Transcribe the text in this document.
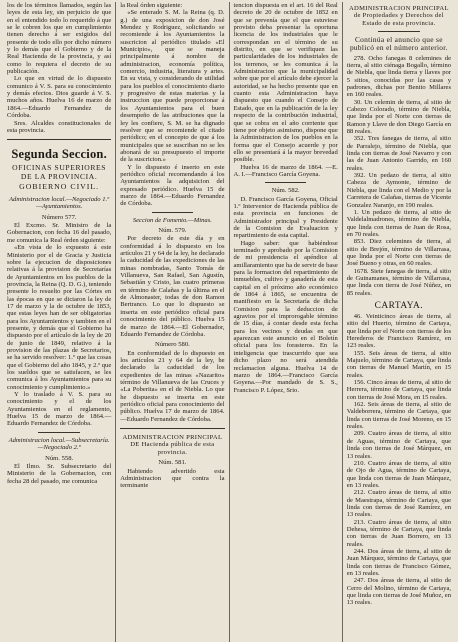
los de los términos llamados, según las leyes de esta ley, sin perjuicio de que en el entendido todo lo requerido á que se le cobren los que en cumplimiento tienen derecho á ser exigidos del presente de todo ello por dicho número y lo demás que el Gobierno y de la Real Hacienda de la provincia, y así como lo requiera el decreto de su publicación.

Lo que en virtud de lo dispuesto comunico á V. S. para su conocimiento y demás efectos. Dios guarde á V. S. muchos años. Huelva 16 de marzo de 1864.—Eduardo Fernandez de Córdoba.

Sres. Alcaldes constitucionales de esta provincia.

Segunda Seccion.
OFICINAS SUPERIORES DE LA PROVINCIA.
GOBIERNO CIVIL.
Administracion local.—Negociado 1.º—Ayuntamientos.
Número 577.

El Excmo. Sr. Ministro de la Gobernacion, con fecha 16 del pasado, me comunica la Real órden siguiente:

«En vista de lo expuesto á este Ministerio por el de Gracia y Justicia sobre la ejecucion de disposiciones relativas á la provision de Secretarías de Ayuntamientos en los pueblos de la provincia, la Reina (Q. D. G.), teniendo presente lo resuelto por las Córtes en las épocas en que se dictaron la ley de 17 de marzo y la de octubre de 1853, que estas leyes han de ser obligatorias para los Ayuntamientos y tambien en el presente, y demás que el Gobierno ha dispuesto por el artículo de la ley de 20 de junio de 1849, relativo á la provision de las plazas de Secretarios, se ha servido resolver: 1.º que las cosas que el Gobierno del año 1845, y 2.º que los sueldos que se satisfacen, se les comunica á los Ayuntamientos para su conocimiento y cumplimiento.»

Y lo traslado á V. S. para su conocimiento y el de los Ayuntamientos en el reglamento, Huelva 15 de marzo de 1864.—Eduardo Fernandez de Córdoba.

Administracion local.—Subsecretaría.—Negociado 2.º
Núm. 558.

El Ilmo. Sr. Subsecretario del Ministerio de la Gobernacion, con fecha 28 del pasado, me comunica

la Real órden siguiente:

«Se enterado S. M. la Reina (q. D. g.) de una exposicion de don José Mendez y Rodriguez, solicitando se recomiende á los Ayuntamientos la suscricion al periódico titulado «El Municipio», que se maneja principalmente á nombre de administracion, economía política, comercio, industria, literatura y artes. En su vista, y considerando de utilidad para los pueblos el conocimiento diario y progresivo de estas materias y la instruccion que puede proporcionar á los Ayuntamientos para el buen desempeño de las atribuciones que la ley les confiere, S. M. se ha dignado resolver que se recomiende el citado periódico; en el concepto de que á los municipales que se suscriban no se les abonará de su presupuesto el importe de la suscricion.»

Y lo dispuesto é inserto en este periódico oficial recomendando á los Ayuntamientos la adquisicion del expresado periódico. Huelva 15 de marzo de 1864.—Eduardo Fernandez de Córdoba.

Seccion de Fomento.—Minas.
Núm. 579.

Por decreto de este día y en conformidad á lo dispuesto en los artículos 21 y 64 de la ley, he declarado la caducidad de las expediciones de las minas nombradas, Santo Tomás de Villanueva, San Rafael, San Agustín, Sebastián y Cristo, las cuatro primeras en término de Calañas y la última en el de Almonaster, todas de don Ramon Bertranco. Lo que lo dispuesto se inserta en este periódico oficial para conocimiento del público. Huelva 15 de marzo de 1864.—El Gobernador, Eduardo Fernandez de Córdoba.

Número 580.

En conformidad de lo dispuesto en los artículos 21 y 64 de la ley, he declarado la caducidad de los expedientes de las minas «Nazarito» término de Villanueva de las Cruces y «La Poberita» en el de Niebla. Lo que he dispuesto se inserta en este periódico oficial para conocimiento del público. Huelva 17 de marzo de 1864.—Eduardo Fernandez de Córdoba.

ADMINISTRACION PRINCIPAL DE Hacienda pública de esta provincia.
Núm. 581.

Habiendo advertido esta Administracion que contra la terminante

tencion dispuesta en el art. 16 del Real decreto de 20 de octubre de 1852 en que se prevenía que el que estuviese provisto deba presentar la oportuna licencia de los industriales que le correspondan en el término de su distrito, en que se verifiquen las particularidades de los industriales de los terrenos, se les comunica á la Administracion que la municipalidad sobre que por el artículo debe ejercer la autoridad, se ha hecho presente que en cuanto esta Administracion haya dispuesto que cuando el Consejo de Estado, que en la publicación de la ley respecto de la contribución industrial, que se cobra en el año corriente que tiene por objeto asimismo, dispone que la Administracion de los pueblos en la forma que el Consejo acuerde y por ello se presentará á la mayor brevedad posible.

Huelva 16 de marzo de 1864. —E. A. I.—Francisco García Goyena.

Núm. 582.

D. Francisco García Goyena, Oficial 1.º Interventor de Hacienda pública de esta provincia en funciones de Administrador principal y Presidente de la Comision de Evaluacion y repartimiento de esta capital.

Hago saber: que habiéndose terminado y aprobado por la Comision de mi presidencia el apéndice al amillaramiento que ha de servir de base para la formacion del repartimiento de inmuebles, cultivo y ganadería de esta capital en el próximo año económico de 1864 á 1865, se encuentra de manifiesto en la Secretaría de dicha Comision para la deduccion de agravios por el improrogable término de 15 días, á contar desde esta fecha para los vecinos y deudas en que aparezcan este anuncio en el Boletín oficial para los forasteros. En la inteligencia que trascurrido que sea dicho plazo no será atendida reclamacion alguna. Huelva 14 de marzo de 1864.—Francisco García Goyena.—Por mandado de S. S., Francisco P. López, Srio.

ADMINISTRACION PRINCIPAL de Propiedades y Derechos del Estado de esta provincia.
Continúa el anuncio que se publicó en el número anterior.

278. Ocho fanegas 8 celemines de tierra, al sitio ciénaga Bogallo, término de Niebla, que linda tierra y llaves por 5 sitios, conocidas por las casas y padrones, dichas por Benito Millares en 160 reales.

30. Un celemin de tierra, al sitio de Cabezo Colorado, término de Niebla, que linda por el Norte con tierras de Ramon y Llave de don Diego García en 88 reales.

352. Tres fanegas de tierra, al sitio de Parralejo, término de Niebla, que linda con tierras de José Navarro y con las de Juan Antonio Garrido, en 160 reales.

392. Un pedazo de tierra, al sitio Cabeza de Aymonte, término de Niebla, que linda con el Medio y por la Carretera de Calañas, tierras de Vicente Gonzalez Naranjo, en 190 reales.

1. Un pedazo de tierra, al sitio de Valdelalmadrones, término de Niebla, que linda con tierras de Juan de Rosa, en 70 reales.

853. Diez celemines de tierra, al sitio de Brejón, término de Villarrasa, que linda por el Norte con tierras de José Bueno y otras, en 60 reales.

1678. Siete fanegas de tierra, al sitio de Guinamanes, término de Villarrasa, que linda con tierra de José Núñez, en 85 reales.

CARTAYA.

46. Veinticinco áreas de tierra, al sitio del Huerto, término de Cartaya, que linda por el Norte con tierras de los Herederos de Francisco Ramírez, en 123 reales.

155. Seis áreas de tierra, al sitio Majuelo, término de Cartaya, que linda con tierras de Manuel Martín, en 15 reales.

156. Cinco áreas de tierra, al sitio de Herrera, término de Cartaya, que linda con tierras de José Mora, en 15 reales.

162. Seis áreas de tierra, al sitio de Valdeborrera, término de Cartaya, que linda con tierras de José Moreno, en 15 reales.

209. Cuatro áreas de tierra, al sitio de Aguas, término de Cartaya, que linda con tierras de José Márquez, en 13 reales.

210. Cuatro áreas de tierra, al sitio de Ojo de Agua, término de Cartaya, que linda con tierras de Juan Márquez, en 13 reales.

212. Cuatro áreas de tierra, al sitio de Maestrapa, término de Cartaya, que linda con tierras de José Ramírez, en 13 reales.

213. Cuatro áreas de tierra, al sitio Dehesa, término de Cartaya, que linda con tierras de Juan Borrero, en 13 reales.

244. Dos áreas de tierra, al sitio de Juan Márquez, término de Cartaya, que linda con tierras de Francisco Gómez, en 13 reales.

247. Dos áreas de tierra, al sitio de Cerro del Molino, término de Cartaya, que linda con tierras de José Muñoz, en 13 reales.
